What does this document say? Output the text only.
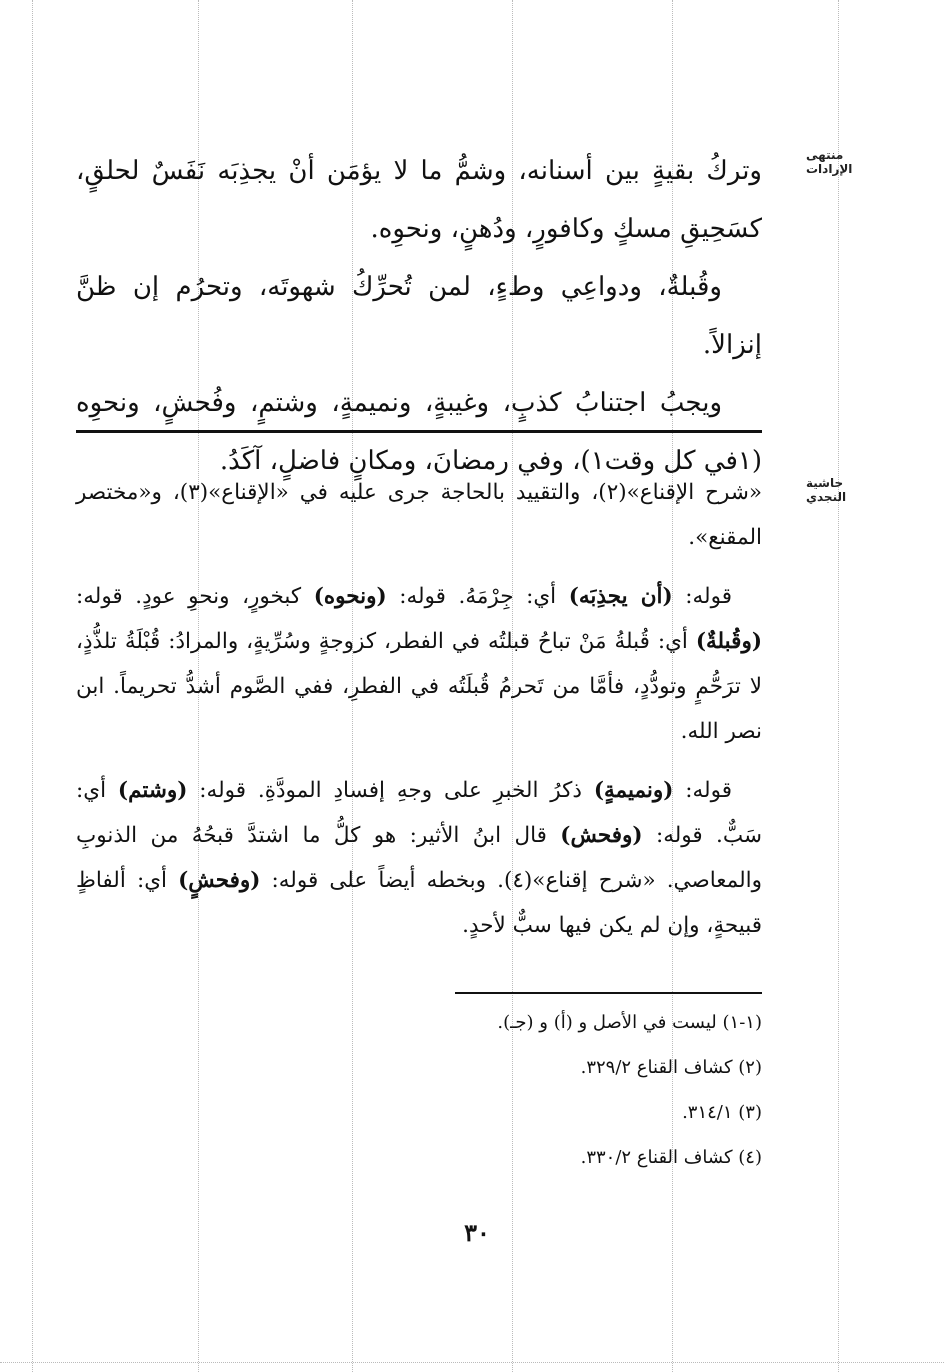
منتهى الإرادات
حاشية النجدي

وتركُ بقيةٍ بين أسنانه، وشمُّ ما لا يؤمَن أنْ يجذِبَه نَفَسٌ لحلقٍ، كسَحِيقِ مسكٍ وكافورٍ، ودُهنٍ، ونحوِه.

وقُبلةٌ، ودواعِي وطءٍ، لمن تُحرِّكُ شهوتَه، وتحرُم إن ظنَّ إنزالاً.

ويجبُ اجتنابُ كذبٍ، وغيبةٍ، ونميمةٍ، وشتمٍ، وفُحشٍ، ونحوِه (١في كل وقت١)، وفي رمضانَ، ومكانٍ فاضلٍ، آكَدُ.

«شرح الإقناع»(٢)، والتقييد بالحاجة جرى عليه في «الإقناع»(٣)، و«مختصر المقنع».

قوله: (أن يجذِبَه) أي: جِرْمَهُ. قوله: (ونحوه) كبخورٍ، ونحوِ عودٍ. قوله: (وقُبلةٌ) أي: قُبلةُ مَنْ تباحُ قبلتُه في الفطر، كزوجةٍ وسُرِّيةٍ، والمرادُ: قُبْلَةُ تلذُّذٍ، لا ترَحُّمٍ وتودُّدٍ، فأمَّا من تَحرمُ قُبلَتُه في الفطرِ، ففي الصَّوم أشدُّ تحريماً. ابن نصر الله.

قوله: (ونميمةٍ) ذكرُ الخبرِ على وجهِ إفسادِ المودَّةِ. قوله: (وشتم) أي: سَبٌّ. قوله: (وفحش) قال ابنُ الأثير: هو كلُّ ما اشتدَّ قبحُهُ من الذنوبِ والمعاصي. «شرح إقناع»(٤). وبخطه أيضاً على قوله: (وفحشٍ) أي: ألفاظٍ قبيحةٍ، وإن لم يكن فيها سبٌّ لأحدٍ.

(١-١) ليست في الأصل و (أ) و (جـ).
(٢) كشاف القناع ٣٢٩/٢.
(٣) ٣١٤/١.
(٤) كشاف القناع ٣٣٠/٢.
٣٠
